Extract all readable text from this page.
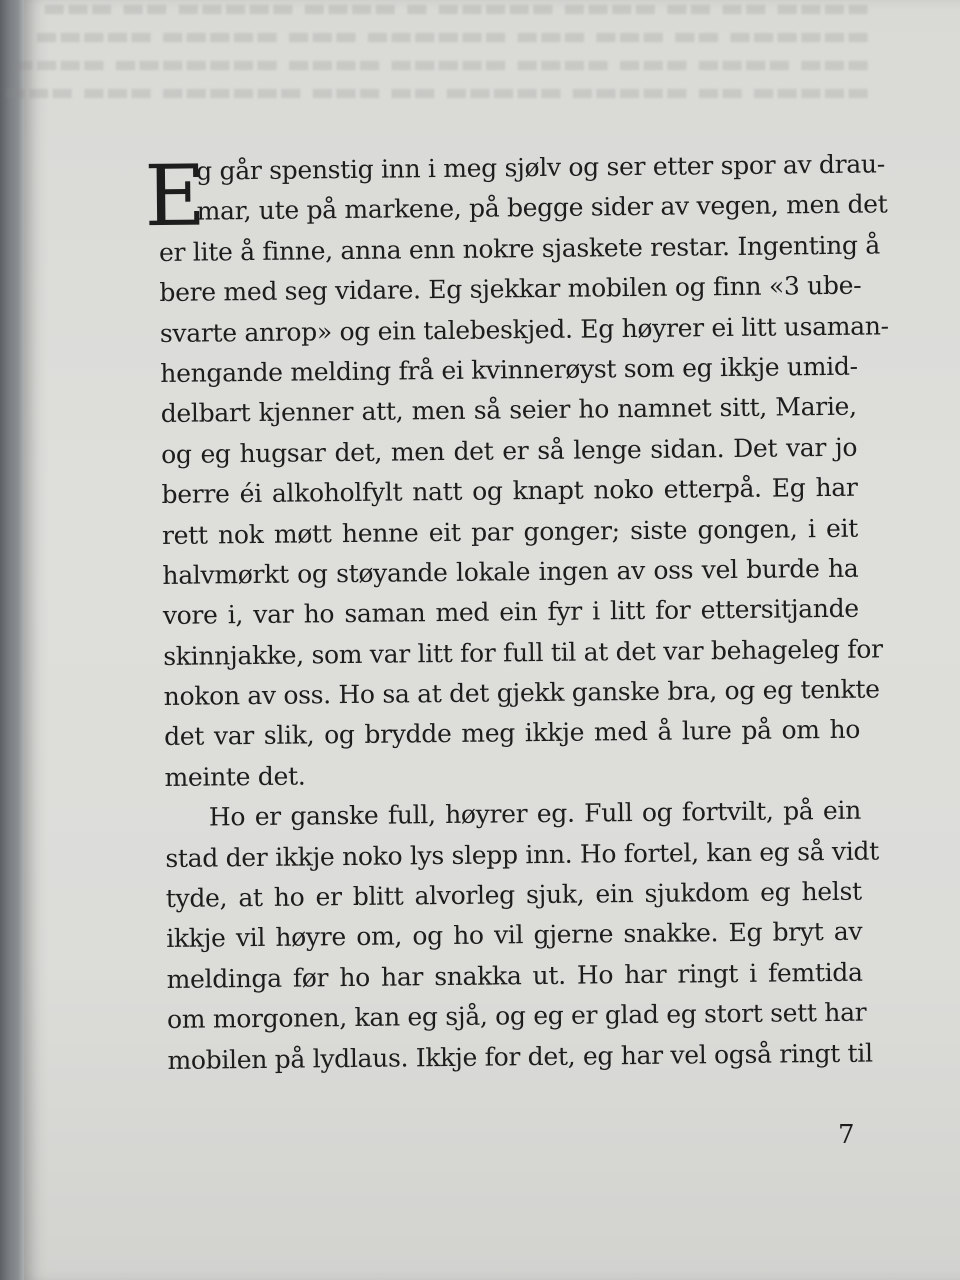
▬▬▬▬ ▬▬ ▬▬ ▬▬▬▬ ▬▬▬▬▬ ▬ ▬▬▬▬ ▬▬▬▬▬ ▬▬ ▬▬▬
▬▬▬▬▬▬ ▬▬ ▬▬▬ ▬▬▬ ▬▬▬▬▬▬ ▬▬▬ ▬▬▬▬▬ ▬▬▬▬▬
▬▬▬ ▬▬▬▬ ▬▬▬ ▬▬▬▬ ▬▬▬▬▬ ▬▬▬▬ ▬▬▬▬▬▬▬ ▬▬▬▬
▬▬▬▬▬ ▬▬ ▬▬▬▬▬ ▬▬▬▬▬ ▬▬ ▬▬▬ ▬▬▬▬▬▬ ▬▬▬ ▬▬▬
E
g går spenstig inn i meg sjølv og ser etter spor av drau-
mar, ute på markene, på begge sider av vegen, men det
er lite å finne, anna enn nokre sjaskete restar. Ingenting å
bere med seg vidare. Eg sjekkar mobilen og finn «3 ube-
svarte anrop» og ein talebeskjed. Eg høyrer ei litt usaman-
hengande melding frå ei kvinnerøyst som eg ikkje umid-
delbart kjenner att, men så seier ho namnet sitt, Marie,
og eg hugsar det, men det er så lenge sidan. Det var jo
berre éi alkoholfylt natt og knapt noko etterpå. Eg har
rett nok møtt henne eit par gonger; siste gongen, i eit
halvmørkt og støyande lokale ingen av oss vel burde ha
vore i, var ho saman med ein fyr i litt for ettersitjande
skinnjakke, som var litt for full til at det var behageleg for
nokon av oss. Ho sa at det gjekk ganske bra, og eg tenkte
det var slik, og brydde meg ikkje med å lure på om ho
meinte det.
Ho er ganske full, høyrer eg. Full og fortvilt, på ein
stad der ikkje noko lys slepp inn. Ho fortel, kan eg så vidt
tyde, at ho er blitt alvorleg sjuk, ein sjukdom eg helst
ikkje vil høyre om, og ho vil gjerne snakke. Eg bryt av
meldinga før ho har snakka ut. Ho har ringt i femtida
om morgonen, kan eg sjå, og eg er glad eg stort sett har
mobilen på lydlaus. Ikkje for det, eg har vel også ringt til
7
